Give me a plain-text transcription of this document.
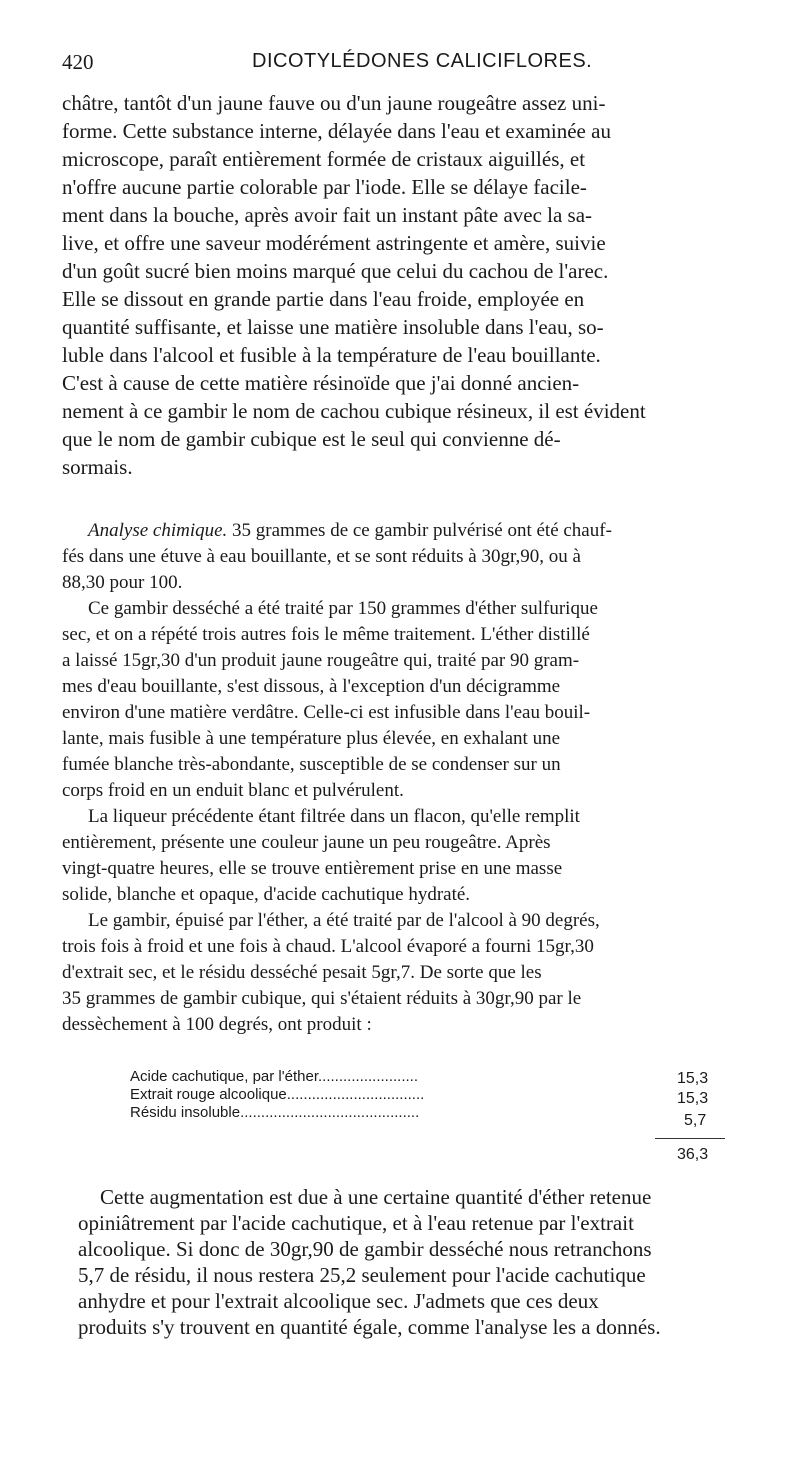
420	DICOTYLÉDONES CALICIFLORES.
châtre, tantôt d'un jaune fauve ou d'un jaune rougeâtre assez uni-
forme. Cette substance interne, délayée dans l'eau et examinée au
microscope, paraît entièrement formée de cristaux aiguillés, et
n'offre aucune partie colorable par l'iode. Elle se délaye facile-
ment dans la bouche, après avoir fait un instant pâte avec la sa-
live, et offre une saveur modérément astringente et amère, suivie
d'un goût sucré bien moins marqué que celui du cachou de l'arec.
Elle se dissout en grande partie dans l'eau froide, employée en
quantité suffisante, et laisse une matière insoluble dans l'eau, so-
luble dans l'alcool et fusible à la température de l'eau bouillante.
C'est à cause de cette matière résinoïde que j'ai donné ancien-
nement à ce gambir le nom de cachou cubique résineux, il est évident
que le nom de gambir cubique est le seul qui convienne dé-
sormais.
Analyse chimique. 35 grammes de ce gambir pulvérisé ont été chauf-
fés dans une étuve à eau bouillante, et se sont réduits à 30gr,90, ou à
88,30 pour 100.
Ce gambir desséché a été traité par 150 grammes d'éther sulfurique
sec, et on a répété trois autres fois le même traitement. L'éther distillé
a laissé 15gr,30 d'un produit jaune rougeâtre qui, traité par 90 gram-
mes d'eau bouillante, s'est dissous, à l'exception d'un décigramme
environ d'une matière verdâtre. Celle-ci est infusible dans l'eau bouil-
lante, mais fusible à une température plus élevée, en exhalant une
fumée blanche très-abondante, susceptible de se condenser sur un
corps froid en un enduit blanc et pulvérulent.
La liqueur précédente étant filtrée dans un flacon, qu'elle remplit
entièrement, présente une couleur jaune un peu rougeâtre. Après
vingt-quatre heures, elle se trouve entièrement prise en une masse
solide, blanche et opaque, d'acide cachutique hydraté.
Le gambir, épuisé par l'éther, a été traité par de l'alcool à 90 degrés,
trois fois à froid et une fois à chaud. L'alcool évaporé a fourni 15gr,30
d'extrait sec, et le résidu desséché pesait 5gr,7. De sorte que les
35 grammes de gambir cubique, qui s'étaient réduits à 30gr,90 par le
dessèchement à 100 degrés, ont produit :
Acide cachutique, par l'éther........................	15,3
Extrait rouge alcoolique.................................	15,3
Résidu insoluble...........................................	5,7
36,3
Cette augmentation est due à une certaine quantité d'éther retenue
opiniâtrement par l'acide cachutique, et à l'eau retenue par l'extrait
alcoolique. Si donc de 30gr,90 de gambir desséché nous retranchons
5,7 de résidu, il nous restera 25,2 seulement pour l'acide cachutique
anhydre et pour l'extrait alcoolique sec. J'admets que ces deux
produits s'y trouvent en quantité égale, comme l'analyse les a donnés.
